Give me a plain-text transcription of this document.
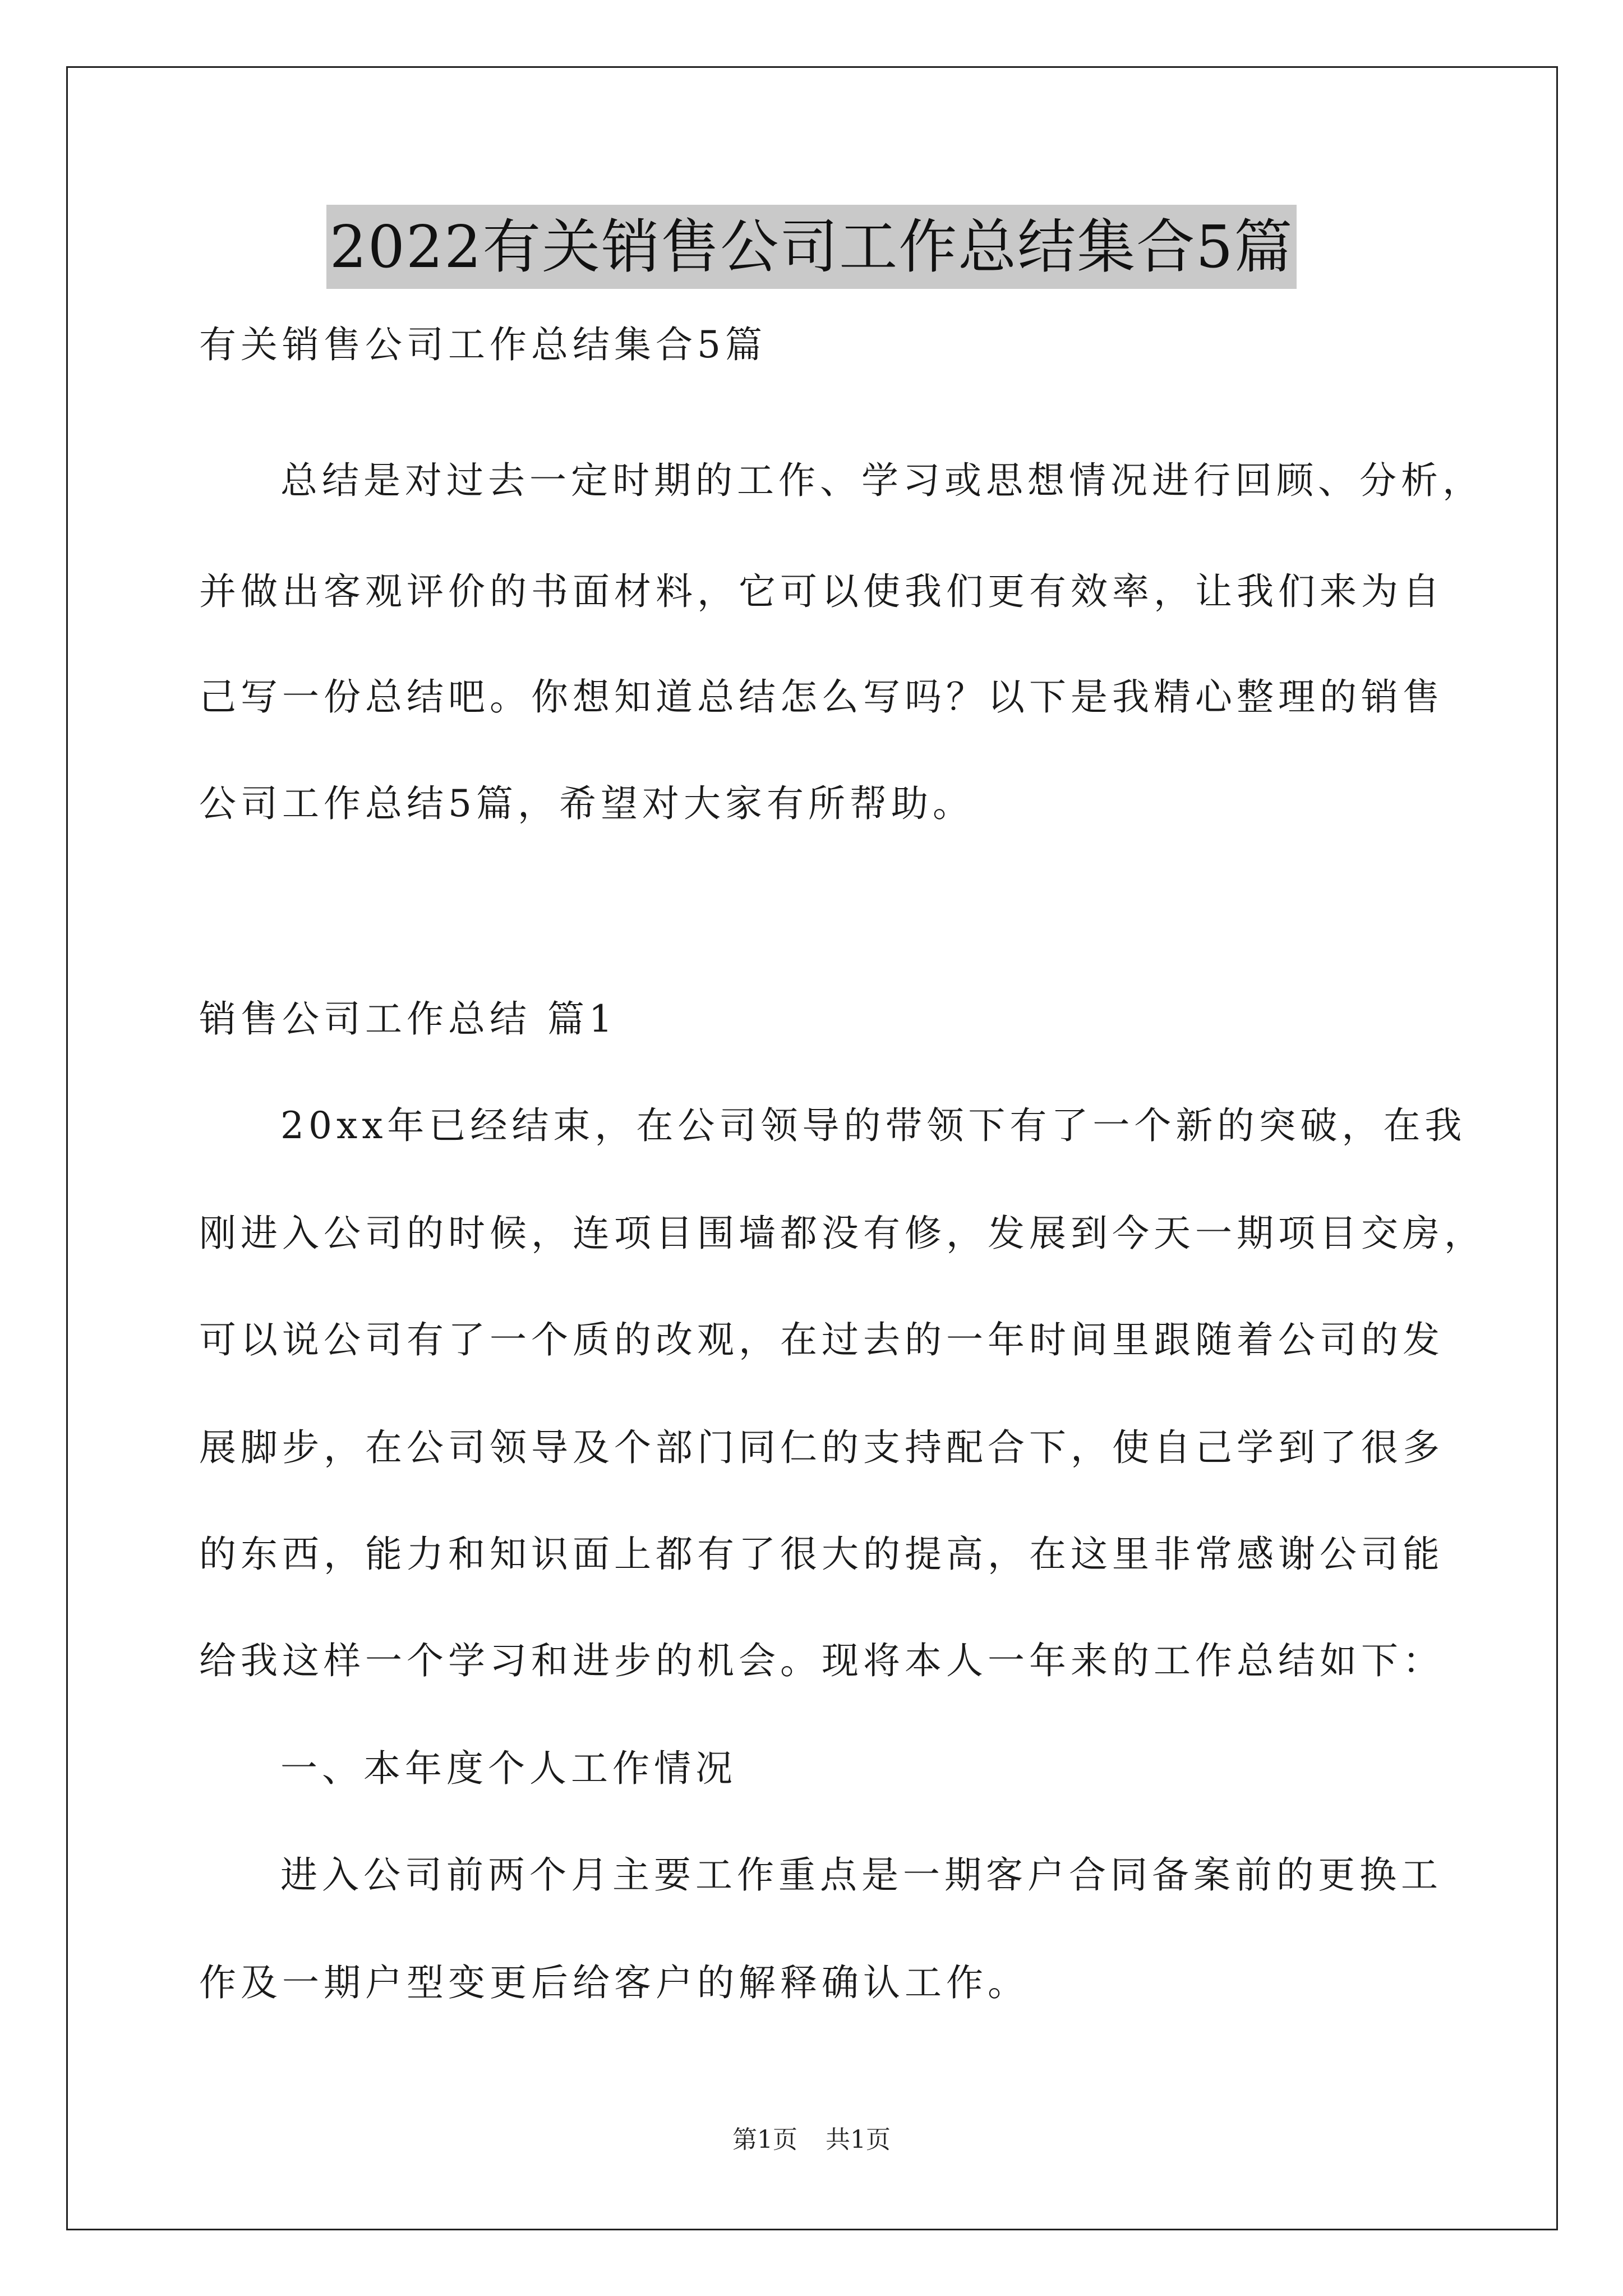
2022有关销售公司工作总结集合5篇
有关销售公司工作总结集合5篇
总结是对过去一定时期的工作、学习或思想情况进行回顾、分析，
并做出客观评价的书面材料，它可以使我们更有效率，让我们来为自
己写一份总结吧。你想知道总结怎么写吗？以下是我精心整理的销售
公司工作总结5篇，希望对大家有所帮助。
销售公司工作总结 篇1
20xx年已经结束，在公司领导的带领下有了一个新的突破，在我
刚进入公司的时候，连项目围墙都没有修，发展到今天一期项目交房，
可以说公司有了一个质的改观，在过去的一年时间里跟随着公司的发
展脚步，在公司领导及个部门同仁的支持配合下，使自己学到了很多
的东西，能力和知识面上都有了很大的提高，在这里非常感谢公司能
给我这样一个学习和进步的机会。现将本人一年来的工作总结如下：
一、本年度个人工作情况
进入公司前两个月主要工作重点是一期客户合同备案前的更换工
作及一期户型变更后给客户的解释确认工作。
第1页 共1页
